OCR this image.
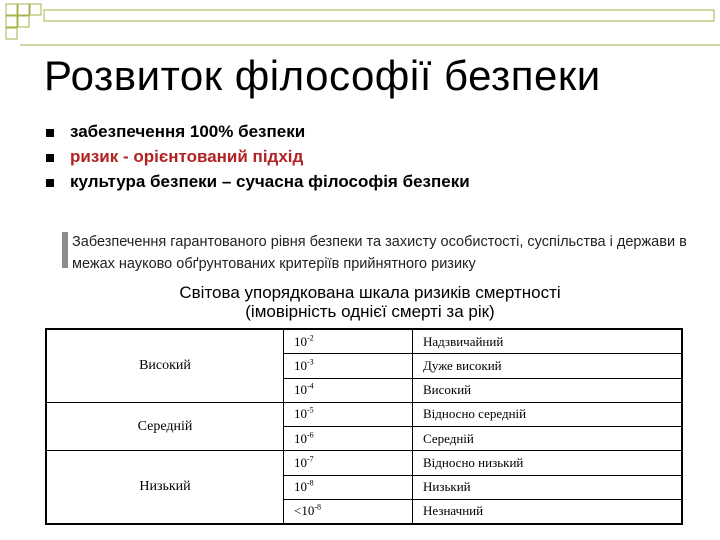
Розвиток філософії безпеки
забезпечення 100% безпеки
ризик - орієнтований підхід
культура безпеки – сучасна філософія безпеки
Забезпечення гарантованого рівня безпеки та захисту особистості, суспільства і держави в межах науково обґрунтованих критеріїв прийнятного ризику
Світова упорядкована шкала ризиків смертності
(імовірність однієї смерті за рік)
Високий	$10^{-2}$	Надзвичайний
	$10^{-3}$	Дуже високий
	$10^{-4}$	Високий
Середній	$10^{-5}$	Відносно середній
	$10^{-6}$	Середній
Низький	$10^{-7}$	Відносно низький
	$10^{-8}$	Низький
	$<10^{-8}$	Незначний
